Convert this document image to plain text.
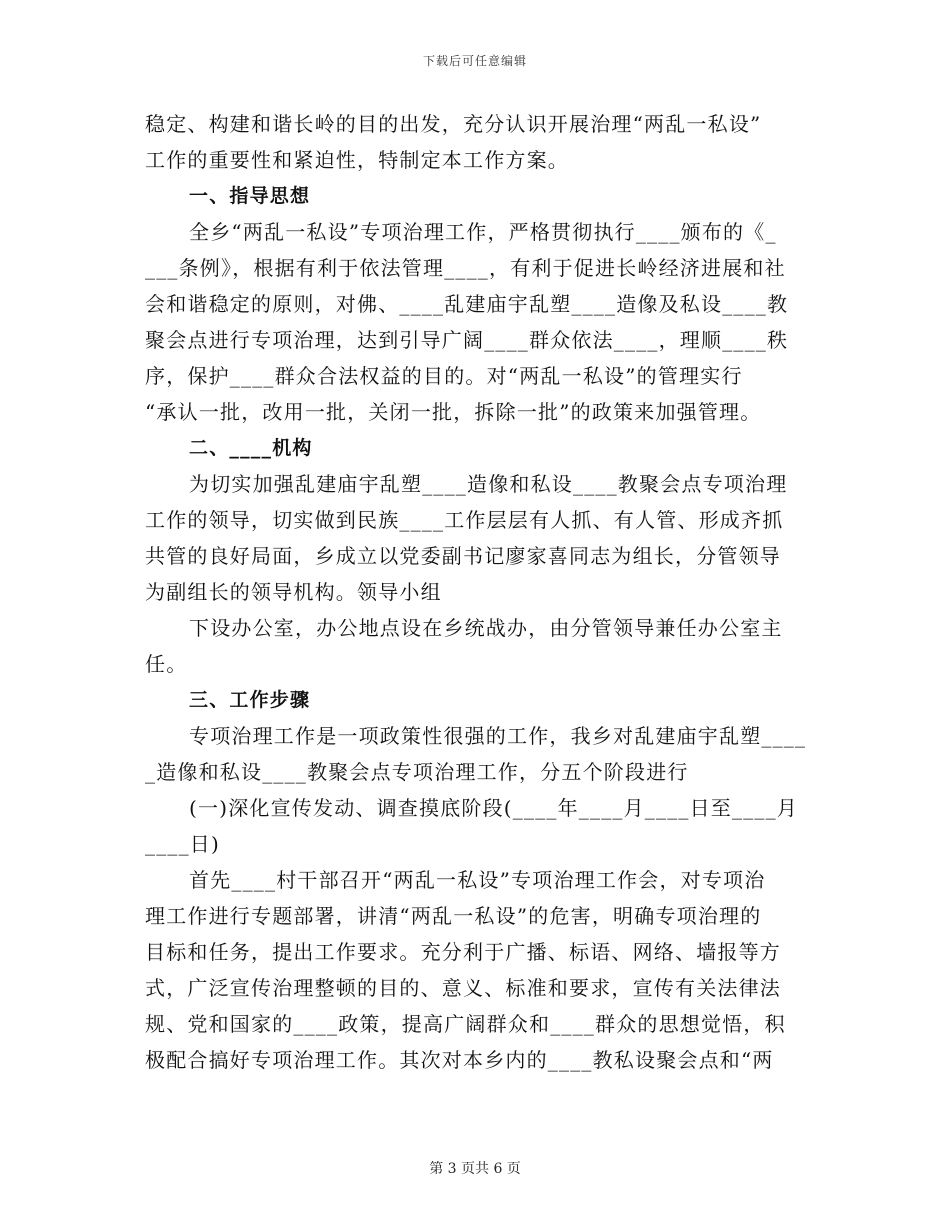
下载后可任意编辑
稳定、构建和谐长岭的目的出发，充分认识开展治理“两乱一私设”
工作的重要性和紧迫性，特制定本工作方案。
一、指导思想
全乡“两乱一私设”专项治理工作，严格贯彻执行____颁布的《_
___条例》，根据有利于依法管理____，有利于促进长岭经济进展和社
会和谐稳定的原则，对佛、____乱建庙宇乱塑____造像及私设____教
聚会点进行专项治理，达到引导广阔____群众依法____，理顺____秩
序，保护____群众合法权益的目的。对“两乱一私设”的管理实行
“承认一批，改用一批，关闭一批，拆除一批”的政策来加强管理。
二、____机构
为切实加强乱建庙宇乱塑____造像和私设____教聚会点专项治理
工作的领导，切实做到民族____工作层层有人抓、有人管、形成齐抓
共管的良好局面，乡成立以党委副书记廖家喜同志为组长，分管领导
为副组长的领导机构。领导小组
下设办公室，办公地点设在乡统战办，由分管领导兼任办公室主
任。
三、工作步骤
专项治理工作是一项政策性很强的工作，我乡对乱建庙宇乱塑____
_造像和私设____教聚会点专项治理工作，分五个阶段进行
(一)深化宣传发动、调查摸底阶段(____年____月____日至____月
____日)
首先____村干部召开“两乱一私设”专项治理工作会，对专项治
理工作进行专题部署，讲清“两乱一私设”的危害，明确专项治理的
目标和任务，提出工作要求。充分利于广播、标语、网络、墙报等方
式，广泛宣传治理整顿的目的、意义、标准和要求，宣传有关法律法
规、党和国家的____政策，提高广阔群众和____群众的思想觉悟，积
极配合搞好专项治理工作。其次对本乡内的____教私设聚会点和“两
第 3 页共 6 页
